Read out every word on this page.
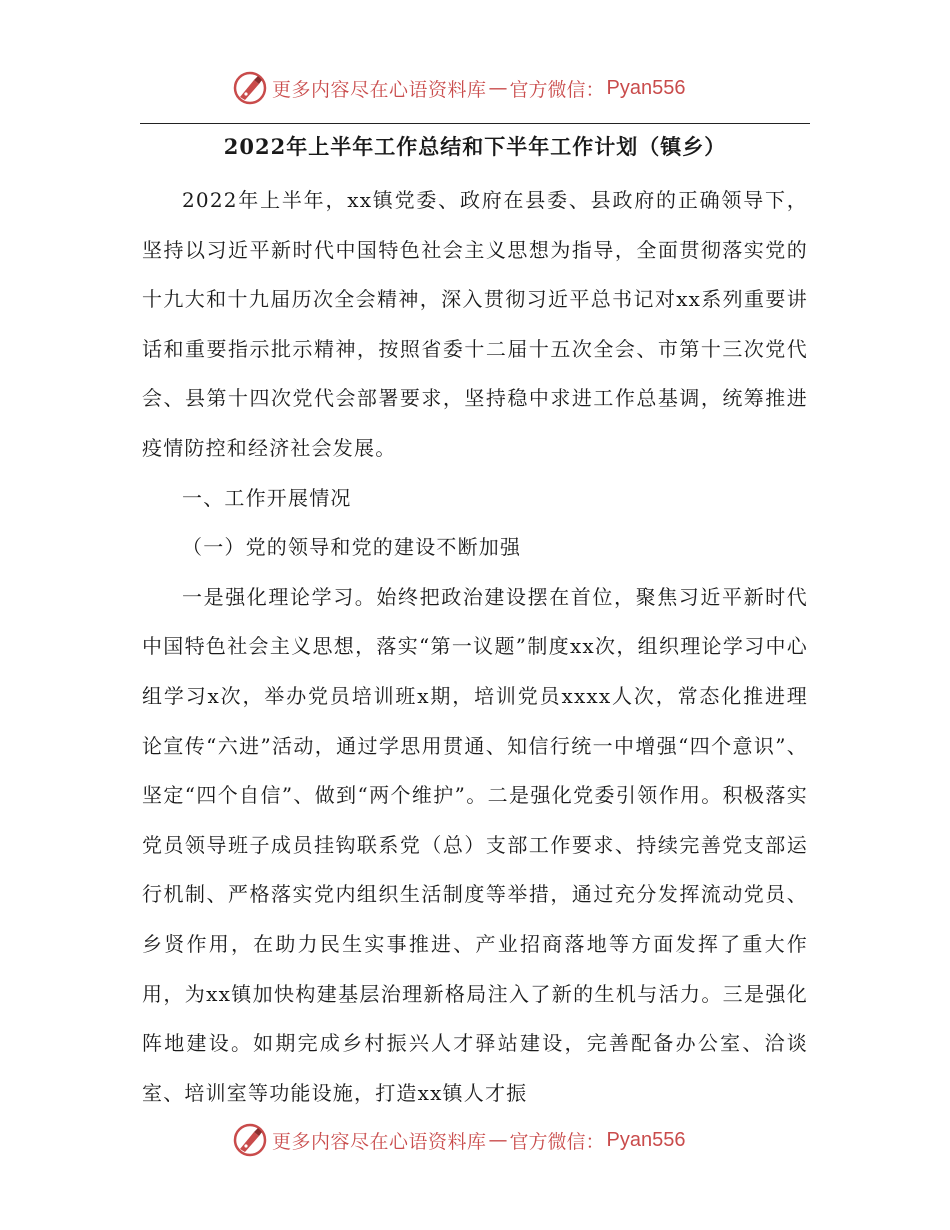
更多内容尽在心语资料库 — 官方微信： Pyan556
2022年上半年工作总结和下半年工作计划（镇乡）

2022年上半年，xx镇党委、政府在县委、县政府的正确领导下，坚持以习近平新时代中国特色社会主义思想为指导，全面贯彻落实党的十九大和十九届历次全会精神，深入贯彻习近平总书记对xx系列重要讲话和重要指示批示精神，按照省委十二届十五次全会、市第十三次党代会、县第十四次党代会部署要求，坚持稳中求进工作总基调，统筹推进疫情防控和经济社会发展。

一、工作开展情况

（一）党的领导和党的建设不断加强

一是强化理论学习。始终把政治建设摆在首位，聚焦习近平新时代中国特色社会主义思想，落实“第一议题”制度xx次，组织理论学习中心组学习x次，举办党员培训班x期，培训党员xxxx人次，常态化推进理论宣传“六进”活动，通过学思用贯通、知信行统一中增强“四个意识”、坚定“四个自信”、做到“两个维护”。二是强化党委引领作用。积极落实党员领导班子成员挂钩联系党（总）支部工作要求、持续完善党支部运行机制、严格落实党内组织生活制度等举措，通过充分发挥流动党员、乡贤作用，在助力民生实事推进、产业招商落地等方面发挥了重大作用，为xx镇加快构建基层治理新格局注入了新的生机与活力。三是强化阵地建设。如期完成乡村振兴人才驿站建设，完善配备办公室、洽谈室、培训室等功能设施，打造xx镇人才振

更多内容尽在心语资料库 — 官方微信： Pyan556
